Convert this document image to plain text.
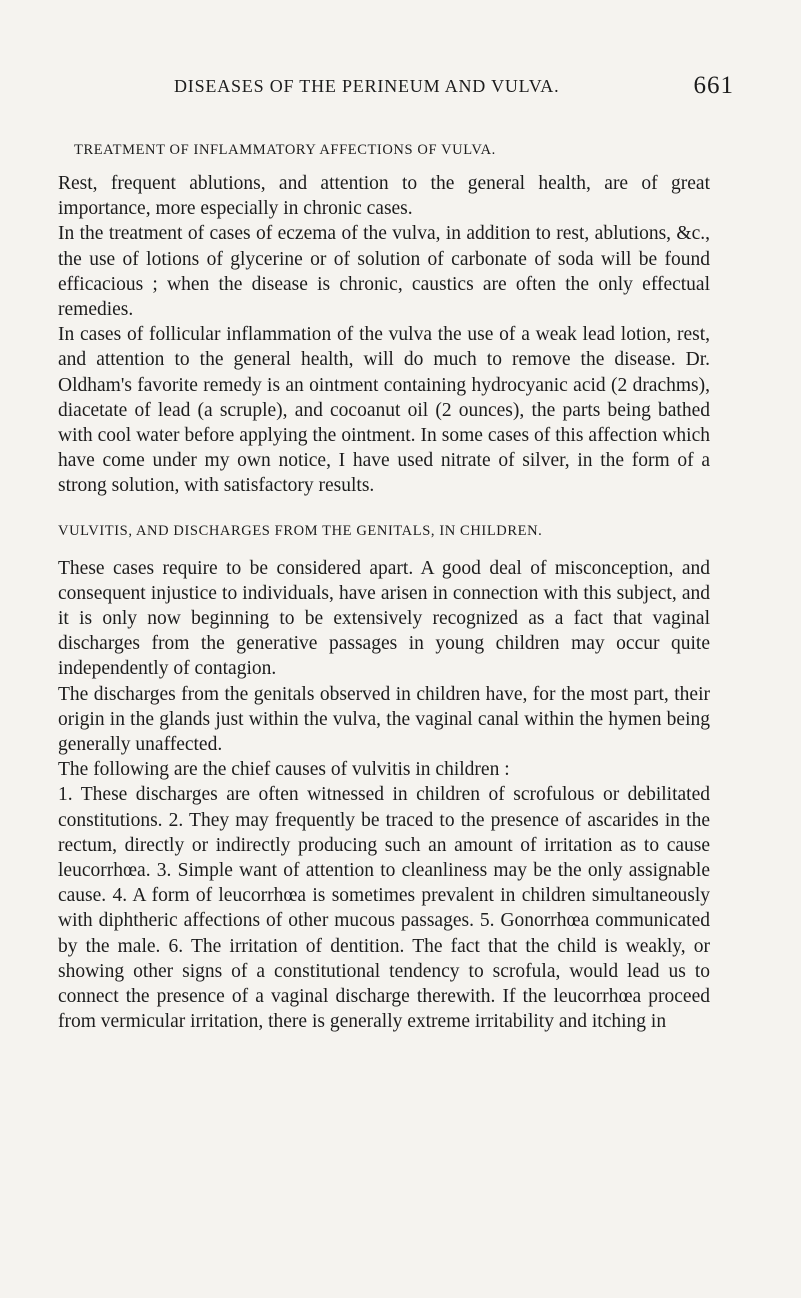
DISEASES OF THE PERINEUM AND VULVA.	661
TREATMENT OF INFLAMMATORY AFFECTIONS OF VULVA.

Rest, frequent ablutions, and attention to the general health, are of great importance, more especially in chronic cases.

In the treatment of cases of eczema of the vulva, in addition to rest, ablutions, &c., the use of lotions of glycerine or of solution of carbonate of soda will be found efficacious ; when the disease is chronic, caustics are often the only effectual remedies.

In cases of follicular inflammation of the vulva the use of a weak lead lotion, rest, and attention to the general health, will do much to remove the disease. Dr. Oldham's favorite remedy is an ointment containing hydrocyanic acid (2 drachms), diacetate of lead (a scruple), and cocoanut oil (2 ounces), the parts being bathed with cool water before applying the ointment. In some cases of this affection which have come under my own notice, I have used nitrate of silver, in the form of a strong solution, with satisfactory results.

VULVITIS, AND DISCHARGES FROM THE GENITALS, IN CHILDREN.

These cases require to be considered apart. A good deal of misconception, and consequent injustice to individuals, have arisen in connection with this subject, and it is only now beginning to be extensively recognized as a fact that vaginal discharges from the generative passages in young children may occur quite independently of contagion.

The discharges from the genitals observed in children have, for the most part, their origin in the glands just within the vulva, the vaginal canal within the hymen being generally unaffected.

The following are the chief causes of vulvitis in children :

1. These discharges are often witnessed in children of scrofulous or debilitated constitutions. 2. They may frequently be traced to the presence of ascarides in the rectum, directly or indirectly producing such an amount of irritation as to cause leucorrhœa. 3. Simple want of attention to cleanliness may be the only assignable cause. 4. A form of leucorrhœa is sometimes prevalent in children simultaneously with diphtheric affections of other mucous passages. 5. Gonorrhœa communicated by the male. 6. The irritation of dentition. The fact that the child is weakly, or showing other signs of a constitutional tendency to scrofula, would lead us to connect the presence of a vaginal discharge therewith. If the leucorrhœa proceed from vermicular irritation, there is generally extreme irritability and itching in
